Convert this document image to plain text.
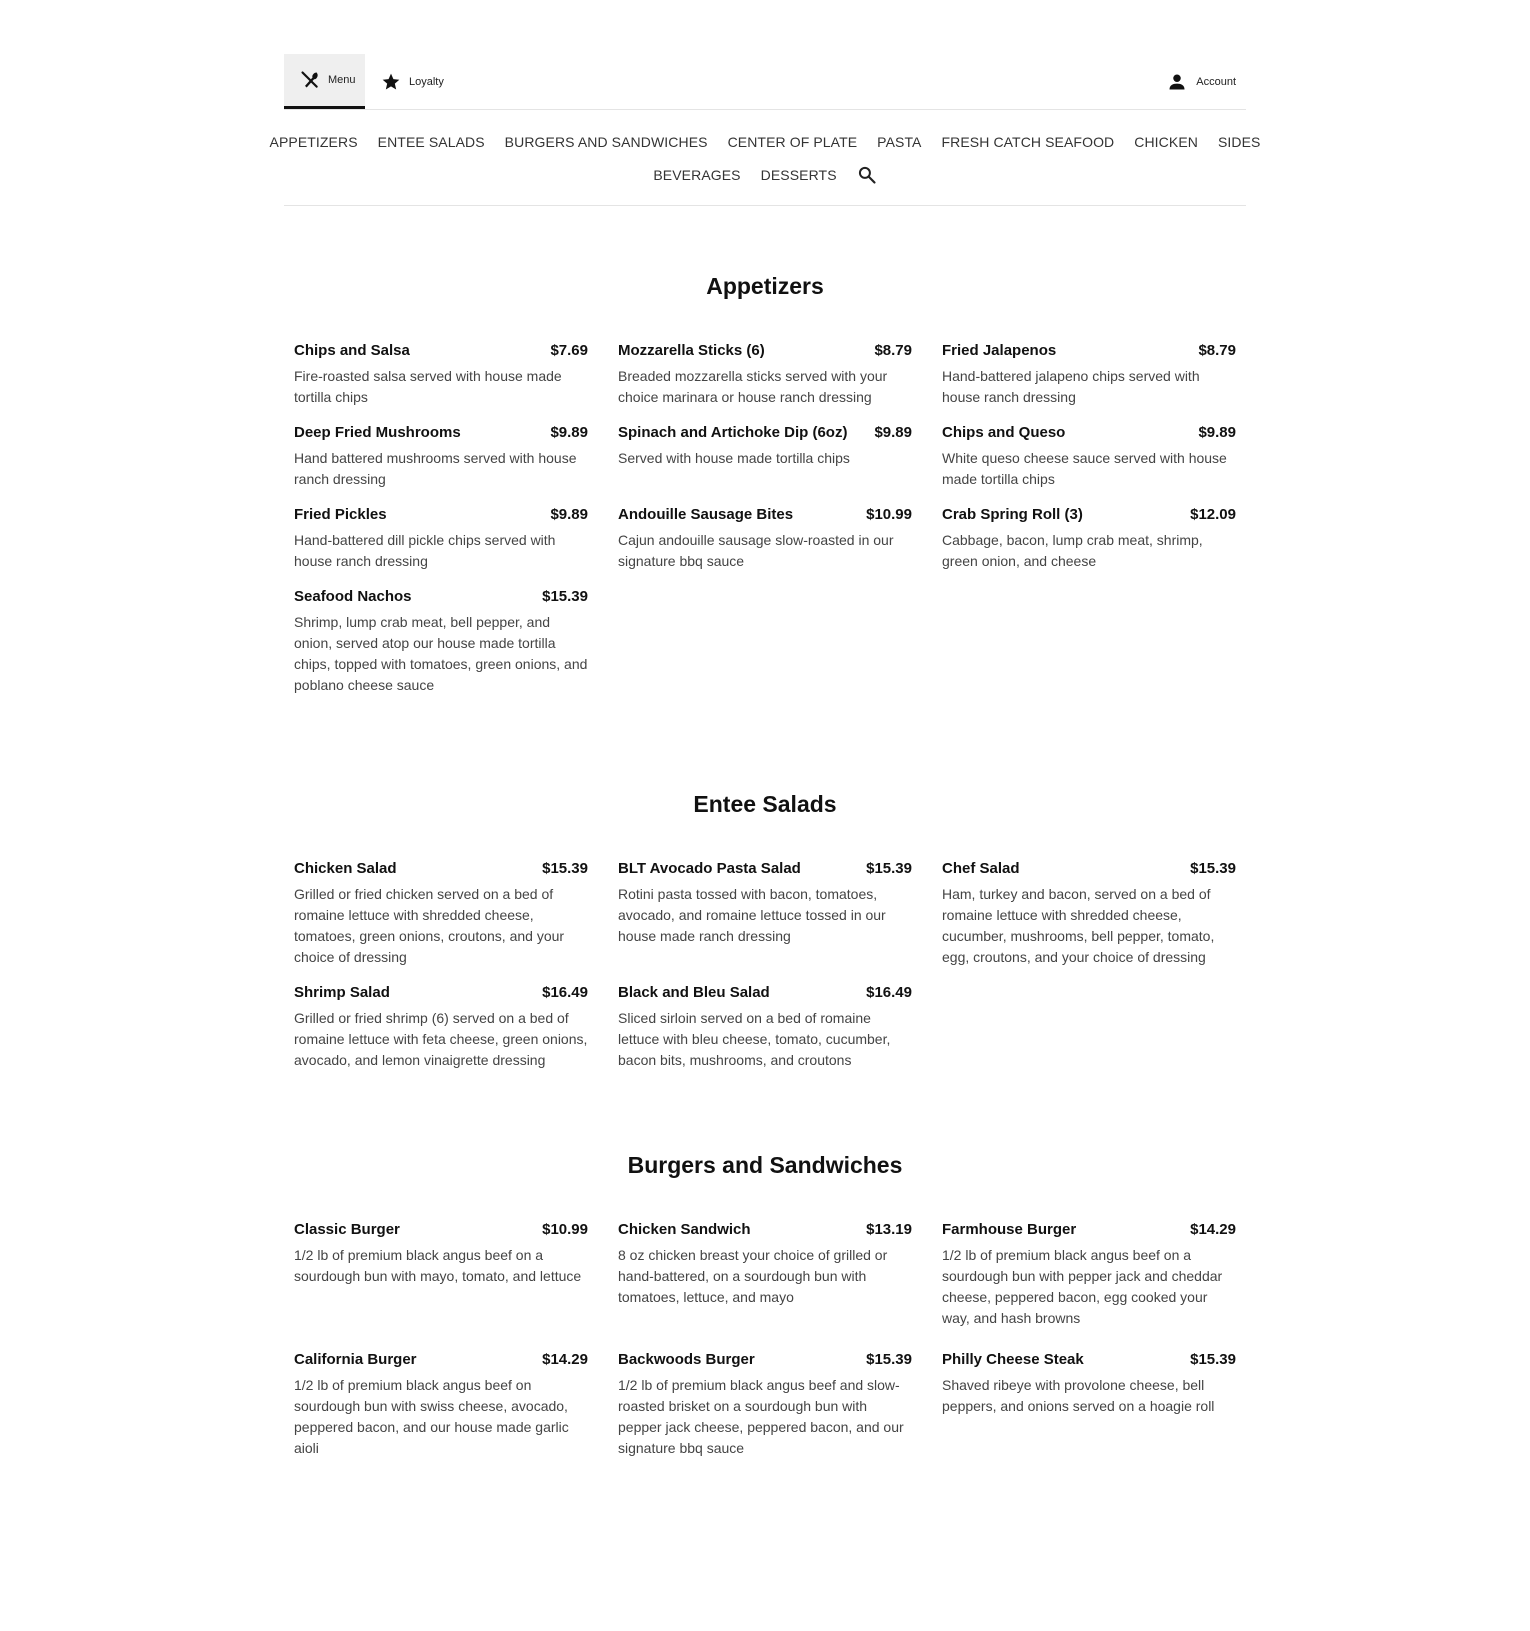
Menu	Loyalty	Account
APPETIZERS ENTEE SALADS BURGERS AND SANDWICHES CENTER OF PLATE PASTA FRESH CATCH SEAFOOD CHICKEN SIDES
BEVERAGES DESSERTS
Appetizers
Chips and Salsa	$7.69
Fire-roasted salsa served with house made tortilla chips
Mozzarella Sticks (6)	$8.79
Breaded mozzarella sticks served with your choice marinara or house ranch dressing
Fried Jalapenos	$8.79
Hand-battered jalapeno chips served with house ranch dressing
Deep Fried Mushrooms	$9.89
Hand battered mushrooms served with house ranch dressing
Spinach and Artichoke Dip (6oz) $9.89
Served with house made tortilla chips
Chips and Queso	$9.89
White queso cheese sauce served with house made tortilla chips
Fried Pickles	$9.89
Hand-battered dill pickle chips served with house ranch dressing
Andouille Sausage Bites	$10.99
Cajun andouille sausage slow-roasted in our signature bbq sauce
Crab Spring Roll (3)	$12.09
Cabbage, bacon, lump crab meat, shrimp, green onion, and cheese
Seafood Nachos	$15.39
Shrimp, lump crab meat, bell pepper, and onion, served atop our house made tortilla chips, topped with tomatoes, green onions, and poblano cheese sauce
Entee Salads
Chicken Salad	$15.39
Grilled or fried chicken served on a bed of romaine lettuce with shredded cheese, tomatoes, green onions, croutons, and your choice of dressing
BLT Avocado Pasta Salad	$15.39
Rotini pasta tossed with bacon, tomatoes, avocado, and romaine lettuce tossed in our house made ranch dressing
Chef Salad	$15.39
Ham, turkey and bacon, served on a bed of romaine lettuce with shredded cheese, cucumber, mushrooms, bell pepper, tomato, egg, croutons, and your choice of dressing
Shrimp Salad	$16.49
Grilled or fried shrimp (6) served on a bed of romaine lettuce with feta cheese, green onions, avocado, and lemon vinaigrette dressing
Black and Bleu Salad	$16.49
Sliced sirloin served on a bed of romaine lettuce with bleu cheese, tomato, cucumber, bacon bits, mushrooms, and croutons
Burgers and Sandwiches
Classic Burger	$10.99
1/2 lb of premium black angus beef on a sourdough bun with mayo, tomato, and lettuce
Chicken Sandwich	$13.19
8 oz chicken breast your choice of grilled or hand-battered, on a sourdough bun with tomatoes, lettuce, and mayo
Farmhouse Burger	$14.29
1/2 lb of premium black angus beef on a sourdough bun with pepper jack and cheddar cheese, peppered bacon, egg cooked your way, and hash browns
California Burger	$14.29
1/2 lb of premium black angus beef on sourdough bun with swiss cheese, avocado, peppered bacon, and our house made garlic aioli
Backwoods Burger	$15.39
1/2 lb of premium black angus beef and slow-roasted brisket on a sourdough bun with pepper jack cheese, peppered bacon, and our signature bbq sauce
Philly Cheese Steak	$15.39
Shaved ribeye with provolone cheese, bell peppers, and onions served on a hoagie roll
